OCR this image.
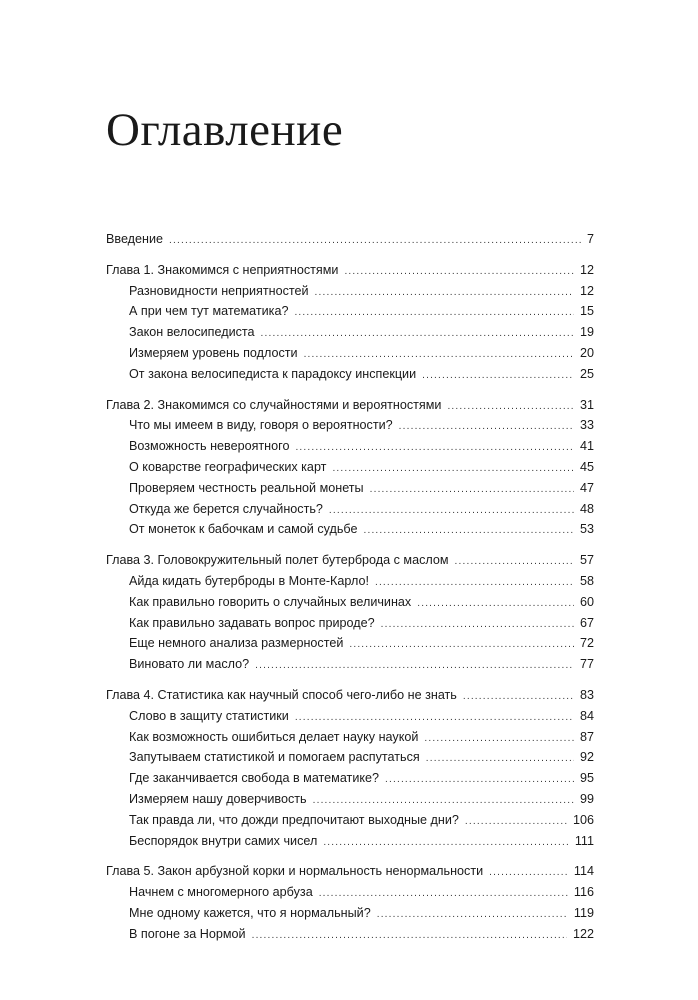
Оглавление
Введение .....	7
Глава 1. Знакомимся с неприятностями .....	12
Разновидности неприятностей .....	12
А при чем тут математика? .....	15
Закон велосипедиста .....	19
Измеряем уровень подлости .....	20
От закона велосипедиста к парадоксу инспекции .....	25
Глава 2. Знакомимся со случайностями и вероятностями .....	31
Что мы имеем в виду, говоря о вероятности? .....	33
Возможность невероятного .....	41
О коварстве географических карт .....	45
Проверяем честность реальной монеты .....	47
Откуда же берется случайность? .....	48
От монеток к бабочкам и самой судьбе .....	53
Глава 3. Головокружительный полет бутерброда с маслом .....	57
Айда кидать бутерброды в Монте-Карло! .....	58
Как правильно говорить о случайных величинах .....	60
Как правильно задавать вопрос природе? .....	67
Еще немного анализа размерностей .....	72
Виновато ли масло? .....	77
Глава 4. Статистика как научный способ чего-либо не знать .....	83
Слово в защиту статистики .....	84
Как возможность ошибиться делает науку наукой .....	87
Запутываем статистикой и помогаем распутаться .....	92
Где заканчивается свобода в математике? .....	95
Измеряем нашу доверчивость .....	99
Так правда ли, что дожди предпочитают выходные дни? .....	106
Беспорядок внутри самих чисел .....	111
Глава 5. Закон арбузной корки и нормальность ненормальности .....	114
Начнем с многомерного арбуза .....	116
Мне одному кажется, что я нормальный? .....	119
В погоне за Нормой .....	122
